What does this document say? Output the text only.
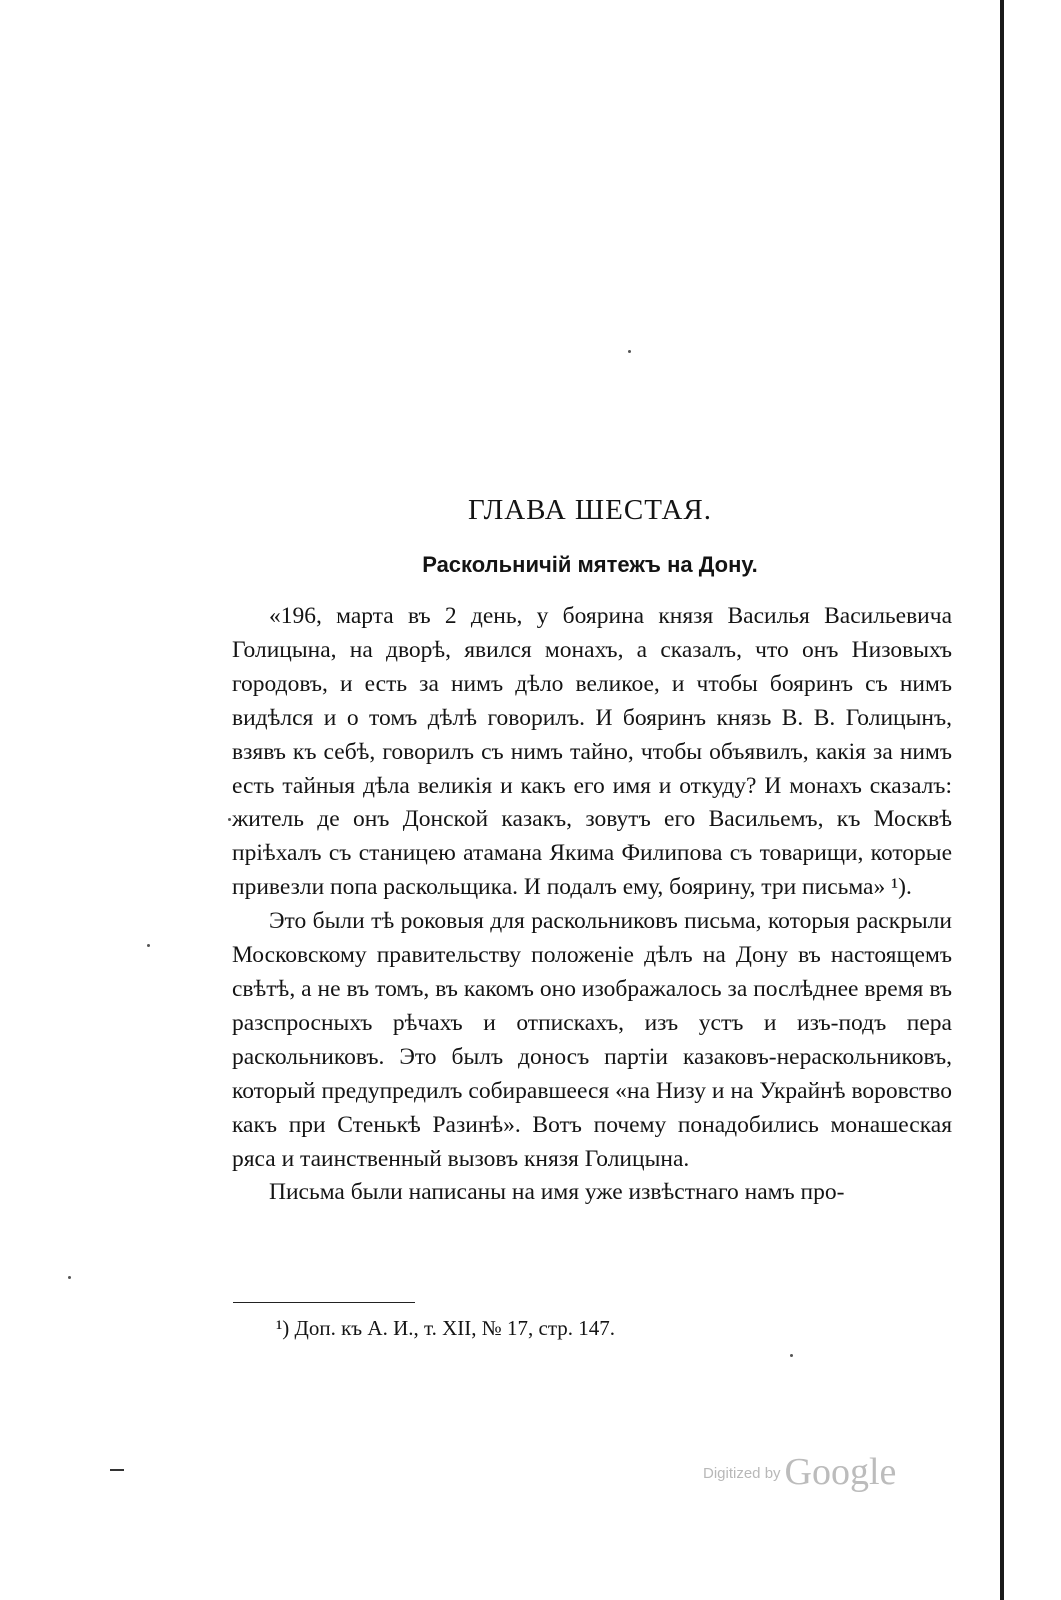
ГЛАВА ШЕСТАЯ.
Раскольничій мятежъ на Дону.

«196, марта въ 2 день, у боярина князя Василья Васильевича Голицына, на дворѣ, явился монахъ, а сказалъ, что онъ Низовыхъ городовъ, и есть за нимъ дѣло великое, и чтобы бояринъ съ нимъ видѣлся и о томъ дѣлѣ говорилъ. И бояринъ князь В. В. Голицынъ, взявъ къ себѣ, говорилъ съ нимъ тайно, чтобы объявилъ, какія за нимъ есть тайныя дѣла великія и какъ его имя и откуду? И монахъ сказалъ: житель де онъ Донской казакъ, зовутъ его Васильемъ, къ Москвѣ пріѣхалъ съ станицею атамана Якима Филипова съ товарищи, которые привезли попа раскольщика. И подалъ ему, боярину, три письма» ¹).

Это были тѣ роковыя для раскольниковъ письма, которыя раскрыли Московскому правительству положеніе дѣлъ на Дону въ настоящемъ свѣтѣ, а не въ томъ, въ какомъ оно изображалось за послѣднее время въ разспросныхъ рѣчахъ и отпискахъ, изъ устъ и изъ-подъ пера раскольниковъ. Это былъ доносъ партіи казаковъ-нераскольниковъ, который предупредилъ собиравшееся «на Низу и на Украйнѣ воровство какъ при Стенькѣ Разинѣ». Вотъ почему понадобились монашеская ряса и таинственный вызовъ князя Голицына.

Письма были написаны на имя уже извѣстнаго намъ про-

¹) Доп. къ А. И., т. XII, № 17, стр. 147.

Digitized by Google
